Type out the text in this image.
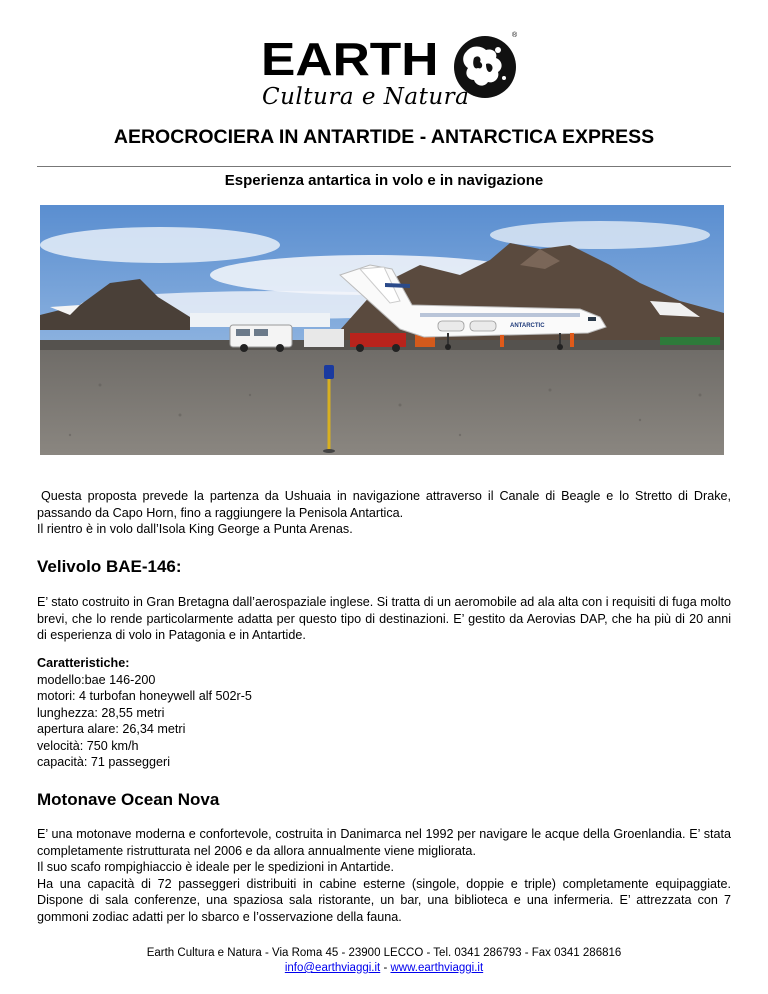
EARTH	®
Cultura e Natura
AEROCROCIERA IN ANTARTIDE - ANTARCTICA EXPRESS
Esperienza antartica in volo e in navigazione
ANTARCTIC

Questa proposta prevede la partenza da Ushuaia in navigazione attraverso il Canale di Beagle e lo Stretto di Drake, passando da Capo Horn, fino a raggiungere la Penisola Antartica.

Il rientro è in volo dall’Isola King George a Punta Arenas.

Velivolo BAE-146:

E’ stato costruito in Gran Bretagna dall’aerospaziale inglese. Si tratta di un aeromobile ad ala alta con i requisiti di fuga molto brevi, che lo rende particolarmente adatta per questo tipo di destinazioni. E’ gestito da Aerovias DAP, che ha più di 20 anni di esperienza di volo in Patagonia e in Antartide.

Caratteristiche:
modello:bae 146-200
motori: 4 turbofan honeywell alf 502r-5
lunghezza: 28,55 metri
apertura alare: 26,34 metri
velocità: 750 km/h
capacità: 71 passeggeri
Motonave Ocean Nova

E’ una motonave moderna e confortevole, costruita in Danimarca nel 1992 per navigare le acque della Groenlandia. E’ stata completamente ristrutturata nel 2006 e da allora annualmente viene migliorata.

Il suo scafo rompighiaccio è ideale per le spedizioni in Antartide.

Ha una capacità di 72 passeggeri distribuiti in cabine esterne (singole, doppie e triple) completamente equipaggiate. Dispone di sala conferenze, una spaziosa sala ristorante, un bar, una biblioteca e una infermeria. E’ attrezzata con 7 gommoni zodiac adatti per lo sbarco e l’osservazione della fauna.

Earth Cultura e Natura - Via Roma 45 - 23900 LECCO - Tel. 0341 286793 - Fax 0341 286816
info@earthviaggi.it - www.earthviaggi.it
